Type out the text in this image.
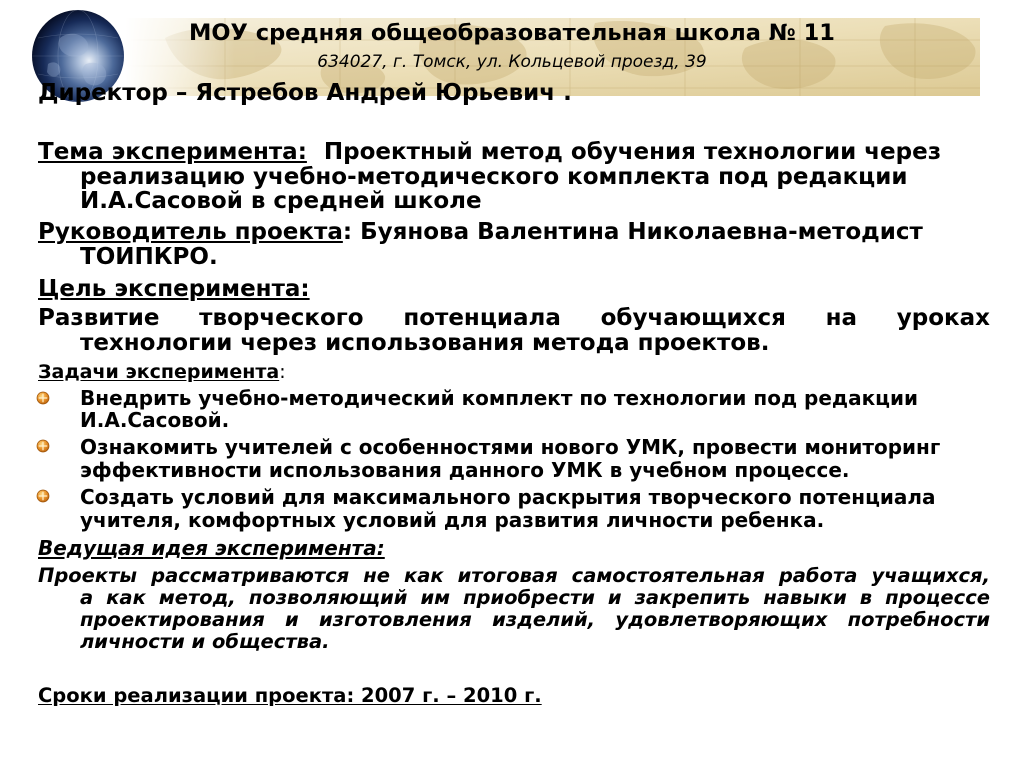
МОУ средняя общеобразовательная школа № 11
634027, г. Томск, ул. Кольцевой проезд, 39
Директор – Ястребов Андрей Юрьевич .
Тема эксперимента: Проектный метод обучения технологии через
реализацию учебно-методического комплекта под редакции
И.А.Сасовой в средней школе
Руководитель проекта: Буянова Валентина Николаевна-методист
ТОИПКРО.
Цель эксперимента:
Развитие творческого потенциала обучающихся на уроках
технологии через использования метода проектов.
Задачи эксперимента:
Внедрить учебно-методический комплект по технологии под редакции
И.А.Сасовой.
Ознакомить учителей с особенностями нового УМК, провести мониторинг
эффективности использования данного УМК в учебном процессе.
Создать условий для максимального раскрытия творческого потенциала
учителя, комфортных условий для развития личности ребенка.
Ведущая идея эксперимента:
Проекты рассматриваются не как итоговая самостоятельная работа учащихся,
а как метод, позволяющий им приобрести и закрепить навыки в процессе
проектирования и изготовления изделий, удовлетворяющих потребности
личности и общества.
Сроки реализации проекта: 2007 г. – 2010 г.
